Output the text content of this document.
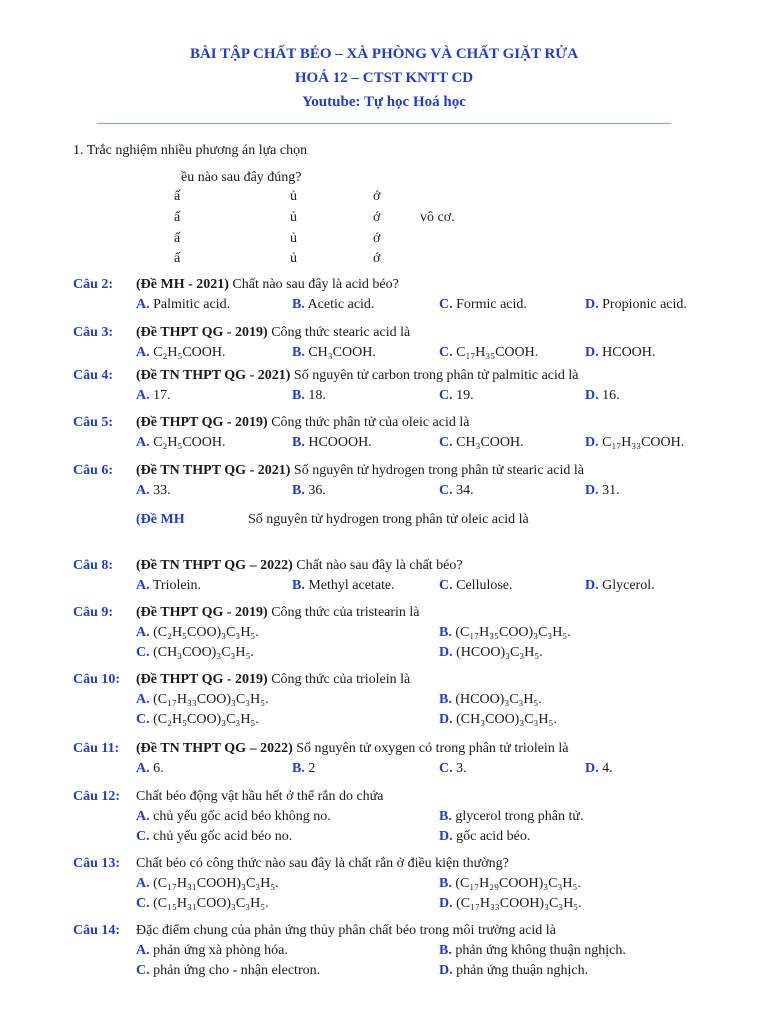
BÀI TẬP CHẤT BÉO – XÀ PHÒNG VÀ CHẤT GIẶT RỬA
HOÁ 12 – CTST KNTT CD
Youtube: Tự học Hoá học
1. Trắc nghiệm nhiều phương án lựa chọn
ều nào sau đây đúng?
ấ	ủ	ớ
ấ	ủ	ớ	vô cơ.
ấ	ủ	ớ
ấ	ủ	ớ
Câu 2: (Đề MH - 2021) Chất nào sau đây là acid béo?
A. Palmitic acid.	B. Acetic acid.	C. Formic acid.	D. Propionic acid.
Câu 3: (Đề THPT QG - 2019) Công thức stearic acid là
A. C₂H₅COOH.	B. CH₃COOH.	C. C₁₇H₃₅COOH.	D. HCOOH.
Câu 4: (Đề TN THPT QG - 2021) Số nguyên tử carbon trong phân tử palmitic acid là
A. 17.	B. 18.	C. 19.	D. 16.
Câu 5: (Đề THPT QG - 2019) Công thức phân tử của oleic acid là
A. C₂H₅COOH.	B. HCOOOH.	C. CH₃COOH.	D. C₁₇H₃₃COOH.
Câu 6: (Đề TN THPT QG - 2021) Số nguyên tử hydrogen trong phân tử stearic acid là
A. 33.	B. 36.	C. 34.	D. 31.
(Đề MH	Số nguyên tử hydrogen trong phân tử oleic acid là
Câu 8: (Đề TN THPT QG – 2022) Chất nào sau đây là chất béo?
A. Triolein.	B. Methyl acetate.	C. Cellulose.	D. Glycerol.
Câu 9: (Đề THPT QG - 2019) Công thức của tristearin là
A. (C₂H₅COO)₃C₃H₅.	B. (C₁₇H₃₅COO)₃C₃H₅.
C. (CH₃COO)₃C₃H₅.	D. (HCOO)₃C₃H₅.
Câu 10: (Đề THPT QG - 2019) Công thức của triolein là
A. (C₁₇H₃₃COO)₃C₃H₅.	B. (HCOO)₃C₃H₅.
C. (C₂H₅COO)₃C₃H₅.	D. (CH₃COO)₃C₃H₅.
Câu 11: (Đề TN THPT QG – 2022) Số nguyên tử oxygen có trong phân tử triolein là
A. 6.	B. 2	C. 3.	D. 4.
Câu 12: Chất béo động vật hầu hết ở thể rắn do chứa
A. chủ yếu gốc acid béo không no.	B. glycerol trong phân tử.
C. chủ yếu gốc acid béo no.	D. gốc acid béo.
Câu 13: Chất béo có công thức nào sau đây là chất rắn ở điều kiện thường?
A. (C₁₇H₃₁COOH)₃C₃H₅.	B. (C₁₇H₂₉COOH)₃C₃H₅.
C. (C₁₅H₃₁COO)₃C₃H₅.	D. (C₁₇H₃₃COOH)₃C₃H₅.
Câu 14: Đặc điểm chung của phản ứng thủy phân chất béo trong môi trường acid là
A. phản ứng xà phòng hóa.	B. phản ứng không thuận nghịch.
C. phản ứng cho - nhận electron.	D. phản ứng thuận nghịch.
